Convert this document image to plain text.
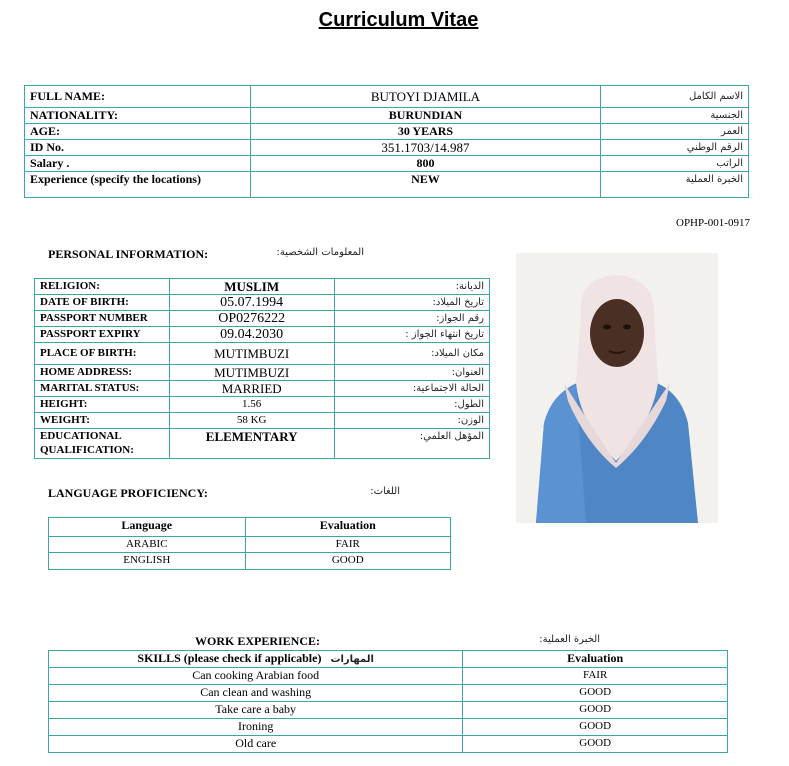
Curriculum Vitae
FULL NAME:	BUTOYI DJAMILA	الاسم الكامل
NATIONALITY:	BURUNDIAN	الجنسية
AGE:	30 YEARS	العمر
ID No.	351.1703/14.987	الرقم الوطني
Salary .	800	الراتب
Experience (specify the locations)	NEW	الخبرة العملية
OPHP-001-0917
PERSONAL INFORMATION:	المعلومات الشخصية:
RELIGION:	MUSLIM	الديانة:
DATE OF BIRTH:	05.07.1994	تاريخ الميلاد:
PASSPORT NUMBER	OP0276222	رقم الجواز:
PASSPORT EXPIRY	09.04.2030	تاريخ انتهاء الجواز :
PLACE OF BIRTH:	MUTIMBUZI	مكان الميلاد:
HOME ADDRESS:	MUTIMBUZI	العنوان:
MARITAL STATUS:	MARRIED	الحالة الاجتماعية:
HEIGHT:	1.56	الطول:
WEIGHT:	58 KG	الوزن:
EDUCATIONAL QUALIFICATION:	ELEMENTARY	المؤهل العلمي:
LANGUAGE PROFICIENCY:	اللغات:
Language	Evaluation
ARABIC	FAIR
ENGLISH	GOOD
WORK EXPERIENCE:	الخبرة العملية:
SKILLS (please check if applicable) المهارات	Evaluation
Can cooking Arabian food	FAIR
Can clean and washing	GOOD
Take care a baby	GOOD
Ironing	GOOD
Old care	GOOD
